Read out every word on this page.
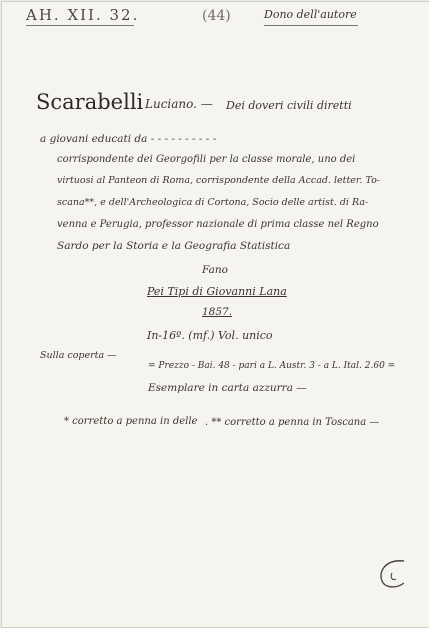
AH. XII. 32.	(44)	Dono dell'autore
Scarabelli Luciano. — Dei doveri civili diretti
a giovani educati da - - - - - - - - - -
corrispondente dei Georgofili per la classe morale, uno dei
virtuosi al Panteon di Roma, corrispondente della Accad. letter. To-
scana**, e dell'Archeologica di Cortona, Socio delle artist. di Ra-
venna e Perugia, professor nazionale di prima classe nel Regno
Sardo per la Storia e la Geografia Statistica
Fano
Pei Tipi di Giovanni Lana
1857.
In-16º. (mf.) Vol. unico
Sulla coperta —
= Prezzo - Bai. 48 - pari a L. Austr. 3 - a L. Ital. 2.60 =
Esemplare in carta azzurra —
* corretto a penna in delle . ** corretto a penna in Toscana —
